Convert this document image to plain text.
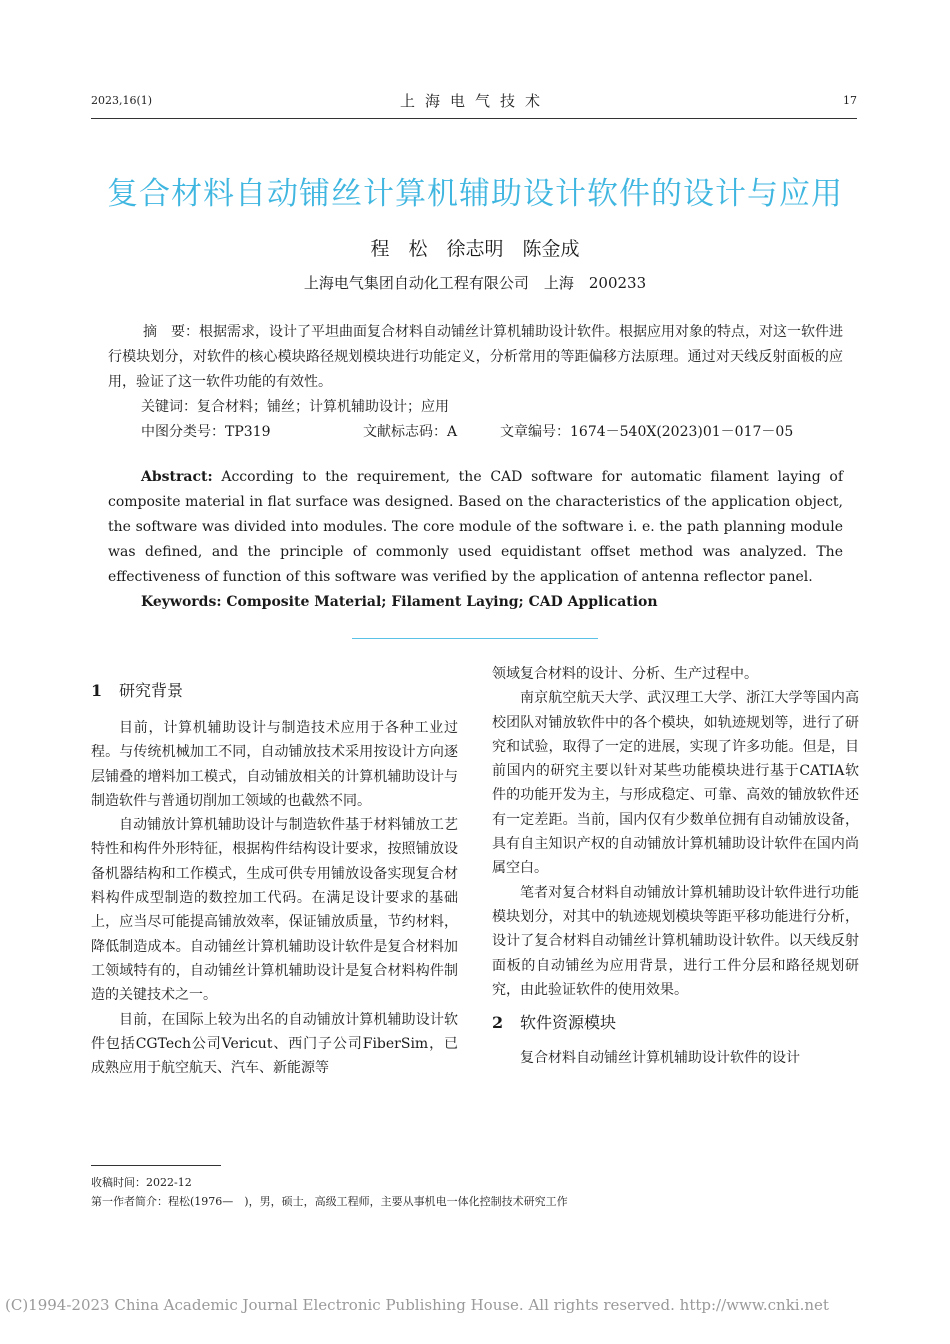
2023,16(1)	上海电气技术	17
复合材料自动铺丝计算机辅助设计软件的设计与应用
程　松　徐志明　陈金成
上海电气集团自动化工程有限公司　上海　200233

摘　要：根据需求，设计了平坦曲面复合材料自动铺丝计算机辅助设计软件。根据应用对象的特点，对这一软件进行模块划分，对软件的核心模块路径规划模块进行功能定义，分析常用的等距偏移方法原理。通过对天线反射面板的应用，验证了这一软件功能的有效性。

关键词：复合材料；铺丝；计算机辅助设计；应用

中图分类号：TP319	文献标志码：A	文章编号：1674－540X(2023)01－017－05

Abstract: According to the requirement, the CAD software for automatic filament laying of composite material in flat surface was designed. Based on the characteristics of the application object, the software was divided into modules. The core module of the software i. e. the path planning module was defined, and the principle of commonly used equidistant offset method was analyzed. The effectiveness of function of this software was verified by the application of antenna reflector panel.

Keywords: Composite Material; Filament Laying; CAD Application

1 研究背景

目前，计算机辅助设计与制造技术应用于各种工业过程。与传统机械加工不同，自动铺放技术采用按设计方向逐层铺叠的增料加工模式，自动铺放相关的计算机辅助设计与制造软件与普通切削加工领域的也截然不同。

自动铺放计算机辅助设计与制造软件基于材料铺放工艺特性和构件外形特征，根据构件结构设计要求，按照铺放设备机器结构和工作模式，生成可供专用铺放设备实现复合材料构件成型制造的数控加工代码。在满足设计要求的基础上，应当尽可能提高铺放效率，保证铺放质量，节约材料，降低制造成本。自动铺丝计算机辅助设计软件是复合材料加工领域特有的，自动铺丝计算机辅助设计是复合材料构件制造的关键技术之一。

目前，在国际上较为出名的自动铺放计算机辅助设计软件包括CGTech公司Vericut、西门子公司FiberSim，已成熟应用于航空航天、汽车、新能源等

领域复合材料的设计、分析、生产过程中。

南京航空航天大学、武汉理工大学、浙江大学等国内高校团队对铺放软件中的各个模块，如轨迹规划等，进行了研究和试验，取得了一定的进展，实现了许多功能。但是，目前国内的研究主要以针对某些功能模块进行基于CATIA软件的功能开发为主，与形成稳定、可靠、高效的铺放软件还有一定差距。当前，国内仅有少数单位拥有自动铺放设备，具有自主知识产权的自动铺放计算机辅助设计软件在国内尚属空白。

笔者对复合材料自动铺放计算机辅助设计软件进行功能模块划分，对其中的轨迹规划模块等距平移功能进行分析，设计了复合材料自动铺丝计算机辅助设计软件。以天线反射面板的自动铺丝为应用背景，进行工件分层和路径规划研究，由此验证软件的使用效果。

2 软件资源模块

复合材料自动铺丝计算机辅助设计软件的设计

收稿时间：2022-12
第一作者简介：程松(1976—　)，男，硕士，高级工程师，主要从事机电一体化控制技术研究工作
(C)1994-2023 China Academic Journal Electronic Publishing House. All rights reserved. http://www.cnki.net
